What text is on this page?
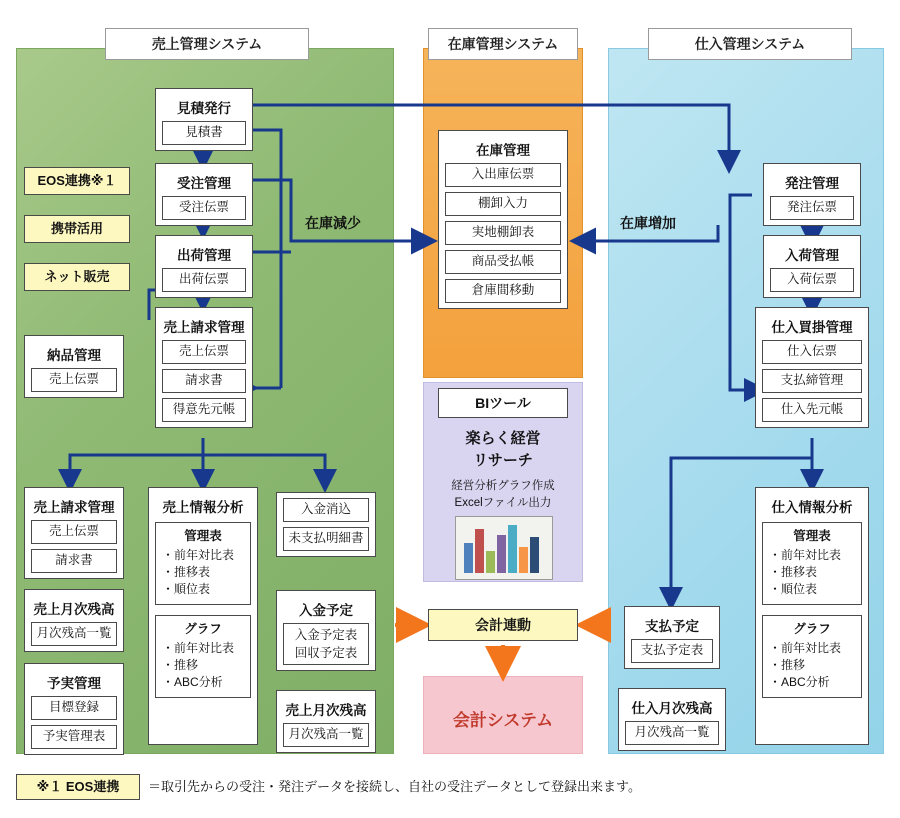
売上管理システム	在庫管理システム	仕入管理システム
見積発行
見積書
受注管理
受注伝票
出荷管理
出荷伝票
売上請求管理
売上伝票
請求書
得意先元帳
納品管理
売上伝票
EOS連携※１
携帯活用
ネット販売
在庫減少	在庫増加
在庫管理
入出庫伝票
棚卸入力
実地棚卸表
商品受払帳
倉庫間移動
BIツール
楽らく経営
リサーチ
経営分析グラフ作成
Excelファイル出力
会計連動
会計システム
発注管理
発注伝票
入荷管理
入荷伝票
仕入買掛管理
仕入伝票
支払締管理
仕入先元帳
売上請求管理
売上伝票
請求書
売上月次残高
月次残高一覧
予実管理
目標登録
予実管理表
売上情報分析
管理表
・前年対比表
・推移表
・順位表
グラフ
・前年対比表
・推移
・ABC分析
入金消込
未支払明細書
入金予定
入金予定表
回収予定表
売上月次残高
月次残高一覧
仕入情報分析
管理表
・前年対比表
・推移表
・順位表
グラフ
・前年対比表
・推移
・ABC分析
支払予定
支払予定表
仕入月次残高
月次残高一覧
※１ EOS連携	＝取引先からの受注・発注データを接続し、自社の受注データとして登録出来ます。
